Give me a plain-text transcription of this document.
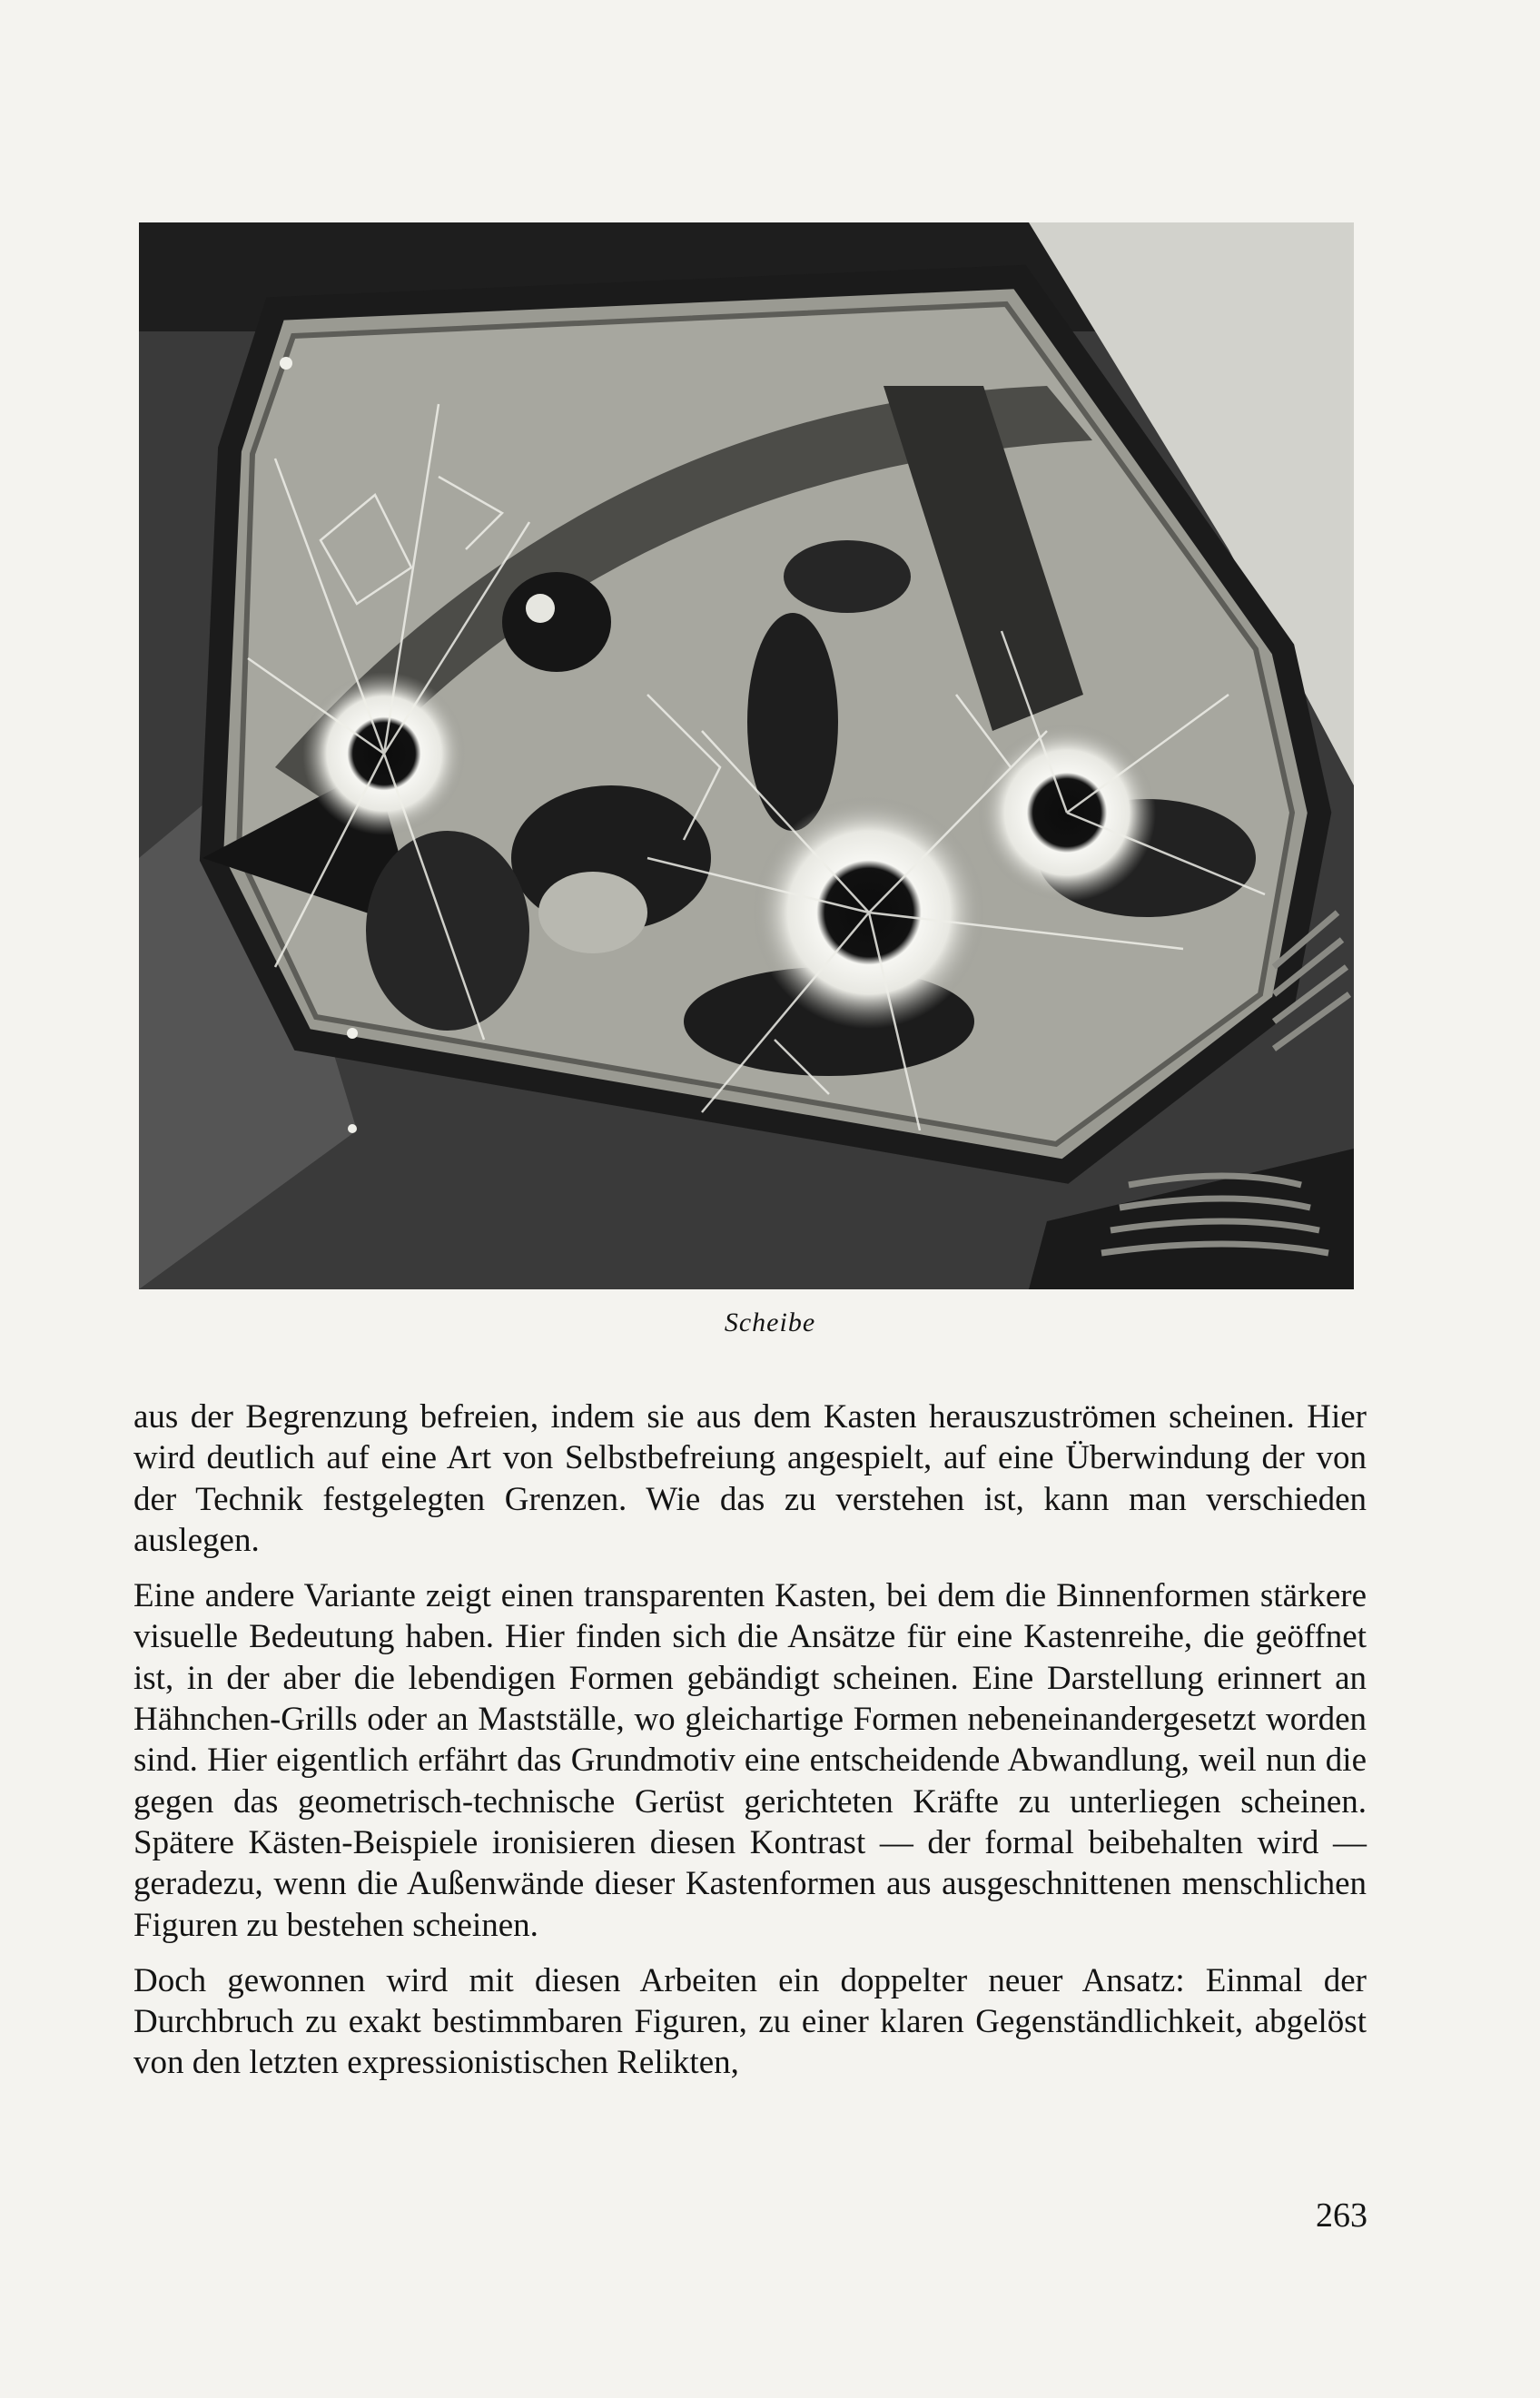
Scheibe

aus der Begrenzung befreien, indem sie aus dem Kasten herauszuströmen scheinen. Hier wird deutlich auf eine Art von Selbstbefreiung angespielt, auf eine Überwindung der von der Technik festgelegten Grenzen. Wie das zu verstehen ist, kann man verschieden auslegen.

Eine andere Variante zeigt einen transparenten Kasten, bei dem die Binnenformen stärkere visuelle Bedeutung haben. Hier finden sich die Ansätze für eine Kastenreihe, die geöffnet ist, in der aber die lebendigen Formen gebändigt scheinen. Eine Darstellung erinnert an Hähnchen-Grills oder an Mastställe, wo gleichartige Formen nebeneinandergesetzt worden sind. Hier eigentlich erfährt das Grundmotiv eine entscheidende Abwandlung, weil nun die gegen das geometrisch-technische Gerüst gerichteten Kräfte zu unterliegen scheinen. Spätere Kästen-Beispiele ironisieren diesen Kontrast — der formal beibehalten wird — geradezu, wenn die Außenwände dieser Kastenformen aus ausgeschnittenen menschlichen Figuren zu bestehen scheinen.

Doch gewonnen wird mit diesen Arbeiten ein doppelter neuer Ansatz: Einmal der Durchbruch zu exakt bestimmbaren Figuren, zu einer klaren Gegenständlichkeit, abgelöst von den letzten expressionistischen Relikten,

263
